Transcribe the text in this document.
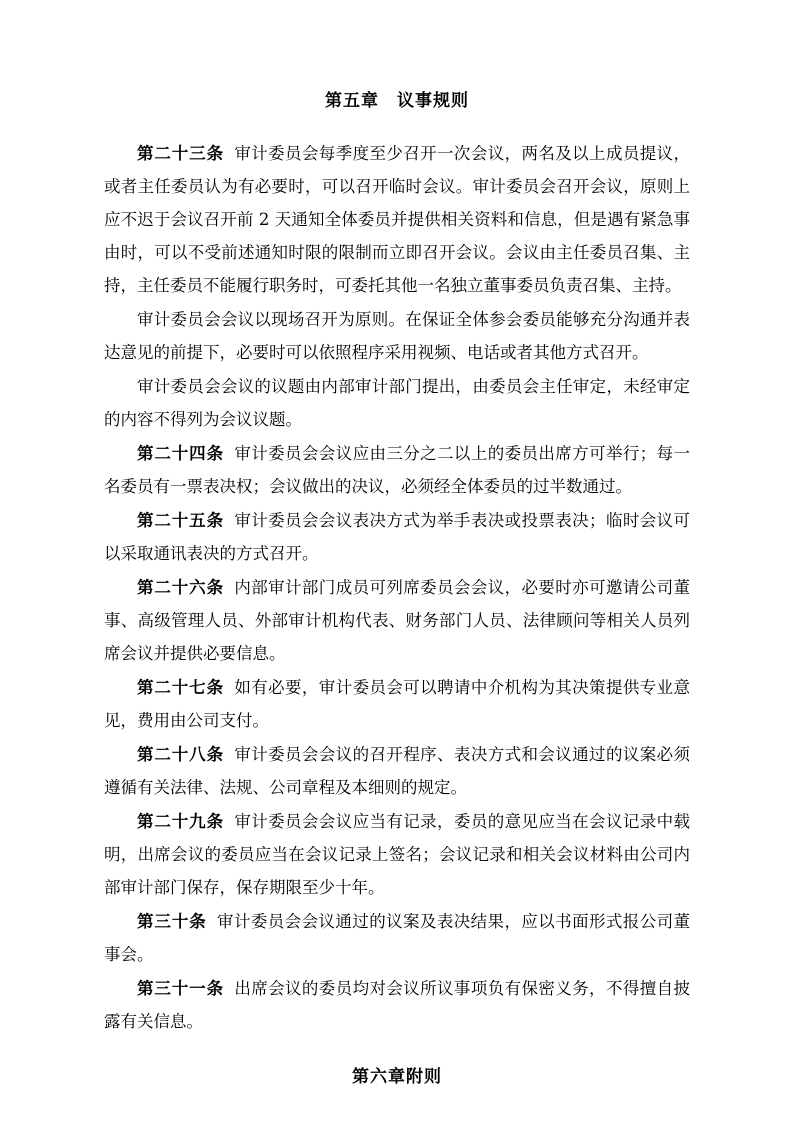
第五章 议事规则

第二十三条 审计委员会每季度至少召开一次会议，两名及以上成员提议，或者主任委员认为有必要时，可以召开临时会议。审计委员会召开会议，原则上应不迟于会议召开前 2 天通知全体委员并提供相关资料和信息，但是遇有紧急事由时，可以不受前述通知时限的限制而立即召开会议。会议由主任委员召集、主持，主任委员不能履行职务时，可委托其他一名独立董事委员负责召集、主持。

审计委员会会议以现场召开为原则。在保证全体参会委员能够充分沟通并表达意见的前提下，必要时可以依照程序采用视频、电话或者其他方式召开。

审计委员会会议的议题由内部审计部门提出，由委员会主任审定，未经审定的内容不得列为会议议题。

第二十四条 审计委员会会议应由三分之二以上的委员出席方可举行；每一名委员有一票表决权；会议做出的决议，必须经全体委员的过半数通过。

第二十五条 审计委员会会议表决方式为举手表决或投票表决；临时会议可以采取通讯表决的方式召开。

第二十六条 内部审计部门成员可列席委员会会议，必要时亦可邀请公司董事、高级管理人员、外部审计机构代表、财务部门人员、法律顾问等相关人员列席会议并提供必要信息。

第二十七条 如有必要，审计委员会可以聘请中介机构为其决策提供专业意见，费用由公司支付。

第二十八条 审计委员会会议的召开程序、表决方式和会议通过的议案必须遵循有关法律、法规、公司章程及本细则的规定。

第二十九条 审计委员会会议应当有记录，委员的意见应当在会议记录中载明，出席会议的委员应当在会议记录上签名；会议记录和相关会议材料由公司内部审计部门保存，保存期限至少十年。

第三十条 审计委员会会议通过的议案及表决结果，应以书面形式报公司董事会。

第三十一条 出席会议的委员均对会议所议事项负有保密义务，不得擅自披露有关信息。

第六章附则
